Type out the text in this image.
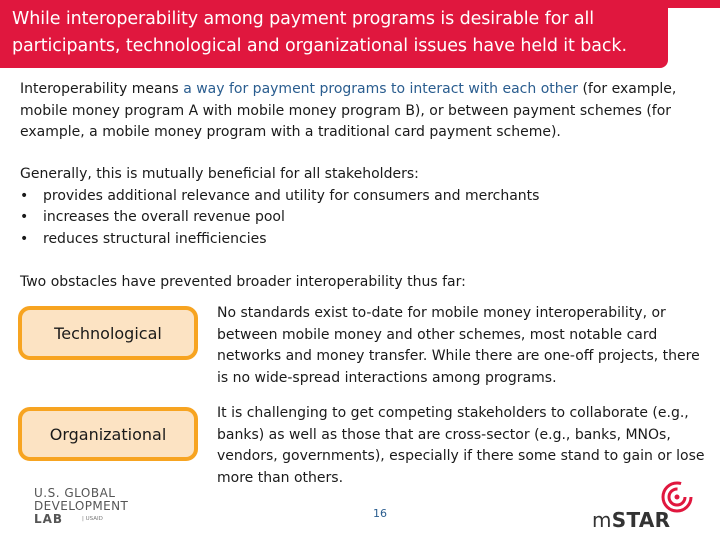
While interoperability among payment programs is desirable for all participants, technological and organizational issues have held it back.
Interoperability means a way for payment programs to interact with each other (for example, mobile money program A with mobile money program B), or between payment schemes (for example, a mobile money program with a traditional card payment scheme).
Generally, this is mutually beneficial for all stakeholders:
• provides additional relevance and utility for consumers and merchants
• increases the overall revenue pool
• reduces structural inefficiencies
Two obstacles have prevented broader interoperability thus far:
Technological
No standards exist to-date for mobile money interoperability, or between mobile money and other schemes, most notable card networks and money transfer. While there are one-off projects, there is no wide-spread interactions among programs.
Organizational
It is challenging to get competing stakeholders to collaborate (e.g., banks) as well as those that are cross-sector (e.g., banks, MNOs, vendors, governments), especially if there some stand to gain or lose more than others.
U.S. GLOBAL
DEVELOPMENT
LAB	| USAID	16	mSTAR
